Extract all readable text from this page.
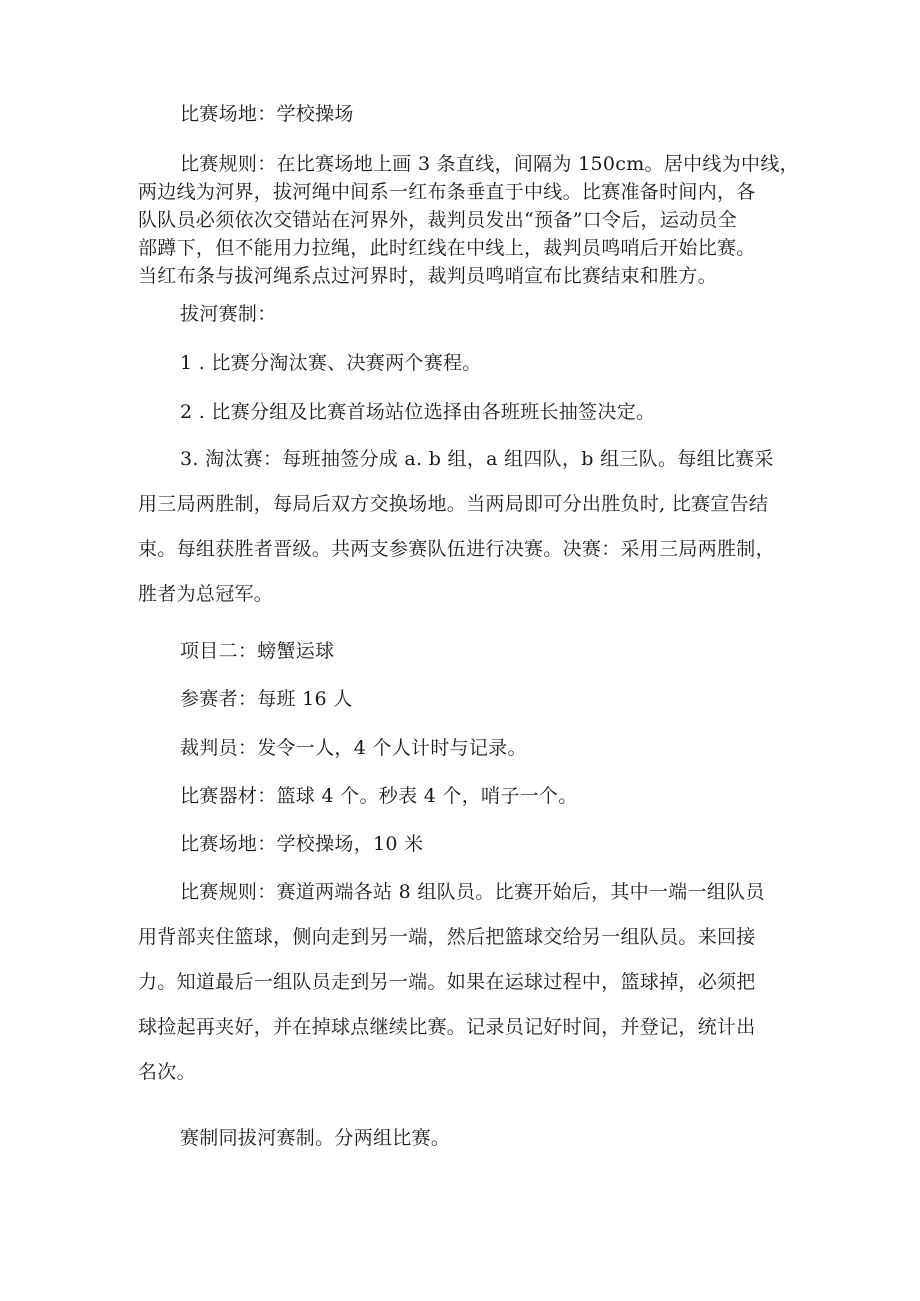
比赛场地：学校操场

比赛规则：在比赛场地上画 3 条直线，间隔为 150cm。居中线为中线，
两边线为河界，拔河绳中间系一红布条垂直于中线。比赛准备时间内，各
队队员必须依次交错站在河界外，裁判员发出“预备”口令后，运动员全
部蹲下，但不能用力拉绳，此时红线在中线上，裁判员鸣哨后开始比赛。
当红布条与拔河绳系点过河界时，裁判员鸣哨宣布比赛结束和胜方。

拔河赛制：

1 . 比赛分淘汰赛、决赛两个赛程。

2 . 比赛分组及比赛首场站位选择由各班班长抽签决定。

3. 淘汰赛：每班抽签分成 a. b 组，a 组四队，b 组三队。每组比赛采
用三局两胜制，每局后双方交换场地。当两局即可分出胜负时, 比赛宣告结
束。每组获胜者晋级。共两支参赛队伍进行决赛。决赛：采用三局两胜制，
胜者为总冠军。

项目二：螃蟹运球

参赛者：每班 16 人

裁判员：发令一人，4 个人计时与记录。

比赛器材：篮球 4 个。秒表 4 个，哨子一个。

比赛场地：学校操场，10 米

比赛规则：赛道两端各站 8 组队员。比赛开始后，其中一端一组队员
用背部夹住篮球，侧向走到另一端，然后把篮球交给另一组队员。来回接
力。知道最后一组队员走到另一端。如果在运球过程中，篮球掉，必须把
球捡起再夹好，并在掉球点继续比赛。记录员记好时间，并登记，统计出
名次。

赛制同拔河赛制。分两组比赛。
